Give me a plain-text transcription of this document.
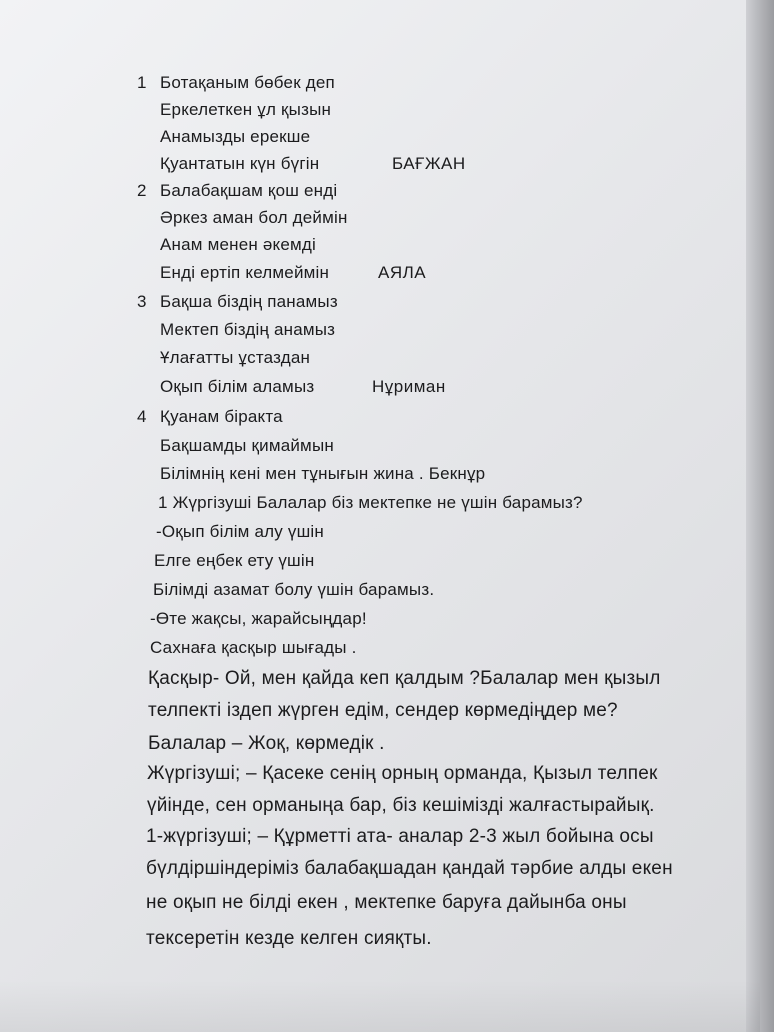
1 Ботақаным бөбек деп
Еркелеткен ұл қызын
Анамызды ерекше
Қуантатын күн бүгін	БАҒЖАН
2 Балабақшам қош енді
Әркез аман бол деймін
Анам менен әкемді
Енді ертіп келмеймін	АЯЛА
3 Бақша біздің панамыз
Мектеп біздің анамыз
Ұлағатты ұстаздан
Оқып білім аламыз	Нұриман
4 Қуанам біракта
Бақшамды қимаймын
Білімнің кені мен тұнығын жина . Бекнұр
1 Жүргізуші Балалар біз мектепке не үшін барамыз?
-Оқып білім алу үшін
Елге еңбек ету үшін
Білімді азамат болу үшін барамыз.
-Өте жақсы, жарайсыңдар!
Сахнаға қасқыр шығады .
Қасқыр- Ой, мен қайда кеп қалдым ?Балалар мен қызыл
телпекті іздеп жүрген едім, сендер көрмедіңдер ме?
Балалар – Жоқ, көрмедік .
Жүргізуші; – Қасеке сенің орның орманда, Қызыл телпек
үйінде, сен орманыңа бар, біз кешімізді жалғастырайық.
1-жүргізуші; – Құрметті ата- аналар 2-3 жыл бойына осы
бүлдіршіндеріміз балабақшадан қандай тәрбие алды екен
не оқып не білді екен , мектепке баруға дайынба оны
тексеретін кезде келген сияқты.
